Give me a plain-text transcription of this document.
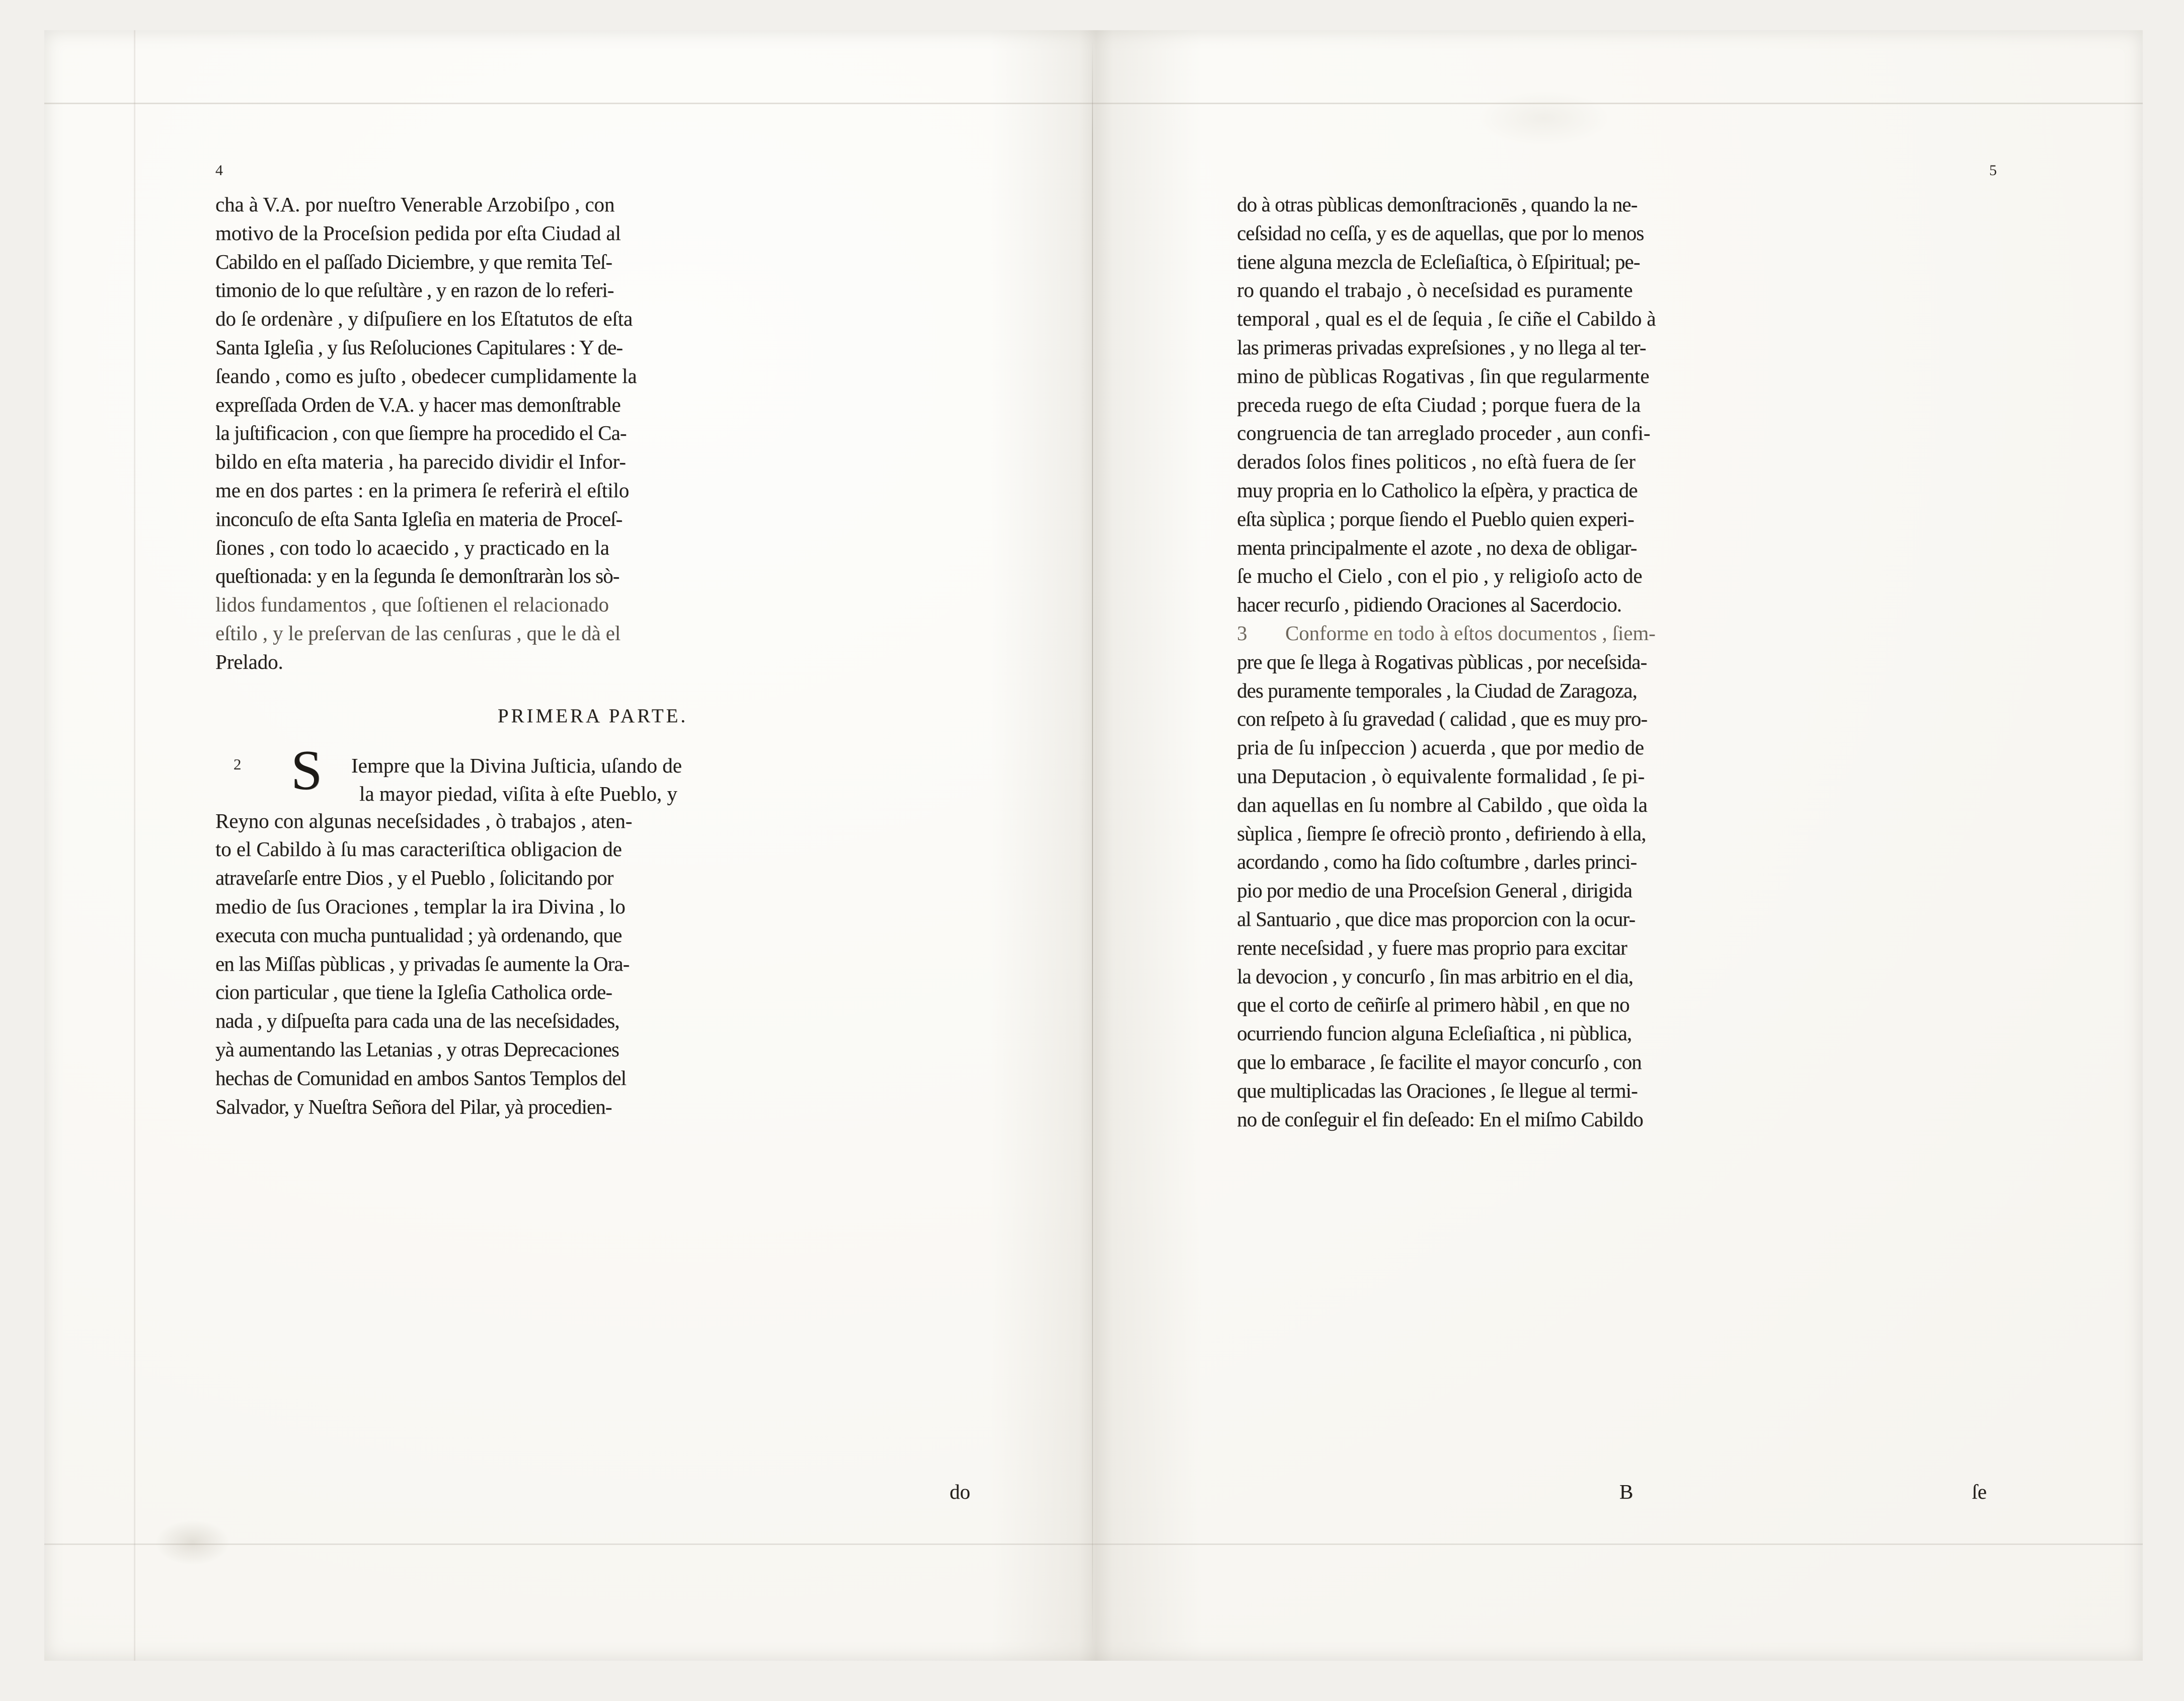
4
cha à V.A. por nueſtro Venerable Arzobiſpo , con
motivo de la Proceſsion pedida por eſta Ciudad al
Cabildo en el paſſado Diciembre, y que remita Teſ-
timonio de lo que reſultàre , y en razon de lo referi-
do ſe ordenàre , y diſpuſiere en los Eſtatutos de eſta
Santa Igleſia , y ſus Reſoluciones Capitulares : Y de-
ſeando , como es juſto , obedecer cumplidamente la
expreſſada Orden de V.A. y hacer mas demonſtrable
la juſtificacion , con que ſiempre ha procedido el Ca-
bildo en eſta materia , ha parecido dividir el Infor-
me en dos partes : en la primera ſe referirà el eſtilo
inconcuſo de eſta Santa Igleſia en materia de Proceſ-
ſiones , con todo lo acaecido , y practicado en la
queſtionada: y en la ſegunda ſe demonſtraràn los sò-
lidos fundamentos , que ſoſtienen el relacionado
eſtilo , y le preſervan de las cenſuras , que le dà el
Prelado.
PRIMERA PARTE.
2 S Iempre que la Divina Juſticia, uſando de
la mayor piedad, viſita à eſte Pueblo, y
Reyno con algunas neceſsidades , ò trabajos , aten-
to el Cabildo à ſu mas caracteriſtica obligacion de
atraveſarſe entre Dios , y el Pueblo , ſolicitando por
medio de ſus Oraciones , templar la ira Divina , lo
executa con mucha puntualidad ; yà ordenando, que
en las Miſſas pùblicas , y privadas ſe aumente la Ora-
cion particular , que tiene la Igleſia Catholica orde-
nada , y diſpueſta para cada una de las neceſsidades,
yà aumentando las Letanias , y otras Deprecaciones
hechas de Comunidad en ambos Santos Templos del
Salvador, y Nueſtra Señora del Pilar, yà procedien-
do
5
do à otras pùblicas demonſtracionēs , quando la ne-
ceſsidad no ceſſa, y es de aquellas, que por lo menos
tiene alguna mezcla de Ecleſiaſtica, ò Eſpiritual; pe-
ro quando el trabajo , ò neceſsidad es puramente
temporal , qual es el de ſequia , ſe ciñe el Cabildo à
las primeras privadas expreſsiones , y no llega al ter-
mino de pùblicas Rogativas , ſin que regularmente
preceda ruego de eſta Ciudad ; porque fuera de la
congruencia de tan arreglado proceder , aun confi-
derados ſolos fines politicos , no eſtà fuera de ſer
muy propria en lo Catholico la eſpèra, y practica de
eſta sùplica ; porque ſiendo el Pueblo quien experi-
menta principalmente el azote , no dexa de obligar-
ſe mucho el Cielo , con el pio , y religioſo acto de
hacer recurſo , pidiendo Oraciones al Sacerdocio.
3 Conforme en todo à eſtos documentos , ſiem-
pre que ſe llega à Rogativas pùblicas , por neceſsida-
des puramente temporales , la Ciudad de Zaragoza,
con reſpeto à ſu gravedad ( calidad , que es muy pro-
pria de ſu inſpeccion ) acuerda , que por medio de
una Deputacion , ò equivalente formalidad , ſe pi-
dan aquellas en ſu nombre al Cabildo , que oìda la
sùplica , ſiempre ſe ofreciò pronto , defiriendo à ella,
acordando , como ha ſido coſtumbre , darles princi-
pio por medio de una Proceſsion General , dirigida
al Santuario , que dice mas proporcion con la ocur-
rente neceſsidad , y fuere mas proprio para excitar
la devocion , y concurſo , ſin mas arbitrio en el dia,
que el corto de ceñirſe al primero hàbil , en que no
ocurriendo funcion alguna Ecleſiaſtica , ni pùblica,
que lo embarace , ſe facilite el mayor concurſo , con
que multiplicadas las Oraciones , ſe llegue al termi-
no de conſeguir el fin deſeado: En el miſmo Cabildo
B	ſe
